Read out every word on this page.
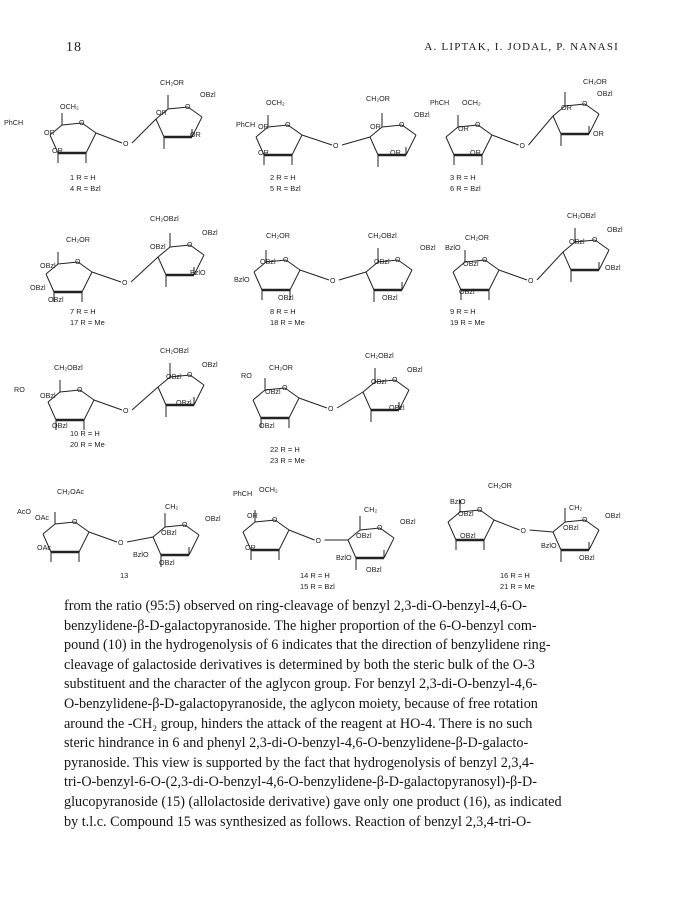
18	A. LIPTAK, I. JODAL, P. NANASI
O
O
O
CH₂OR
OBzl
OCH₂
PhCH
OR
OR
OR
OR
1 R = H
4 R = Bzl
O	O
O
OCH₂
PhCH OR
OR
CH₂OR
OBzl
OR
OR
2 R = H
5 R = Bzl
O
O
O
CH₂OR
OBzl
PhCH OCH₂
OR
OR
OR
OR
3 R = H
6 R = Bzl
O
O
O
CH₂OBzl
OBzl
CH₂OR
OBzl
OBzl
OBzl
BzlO
OBzl
7 R = H
17 R = Me
O	O
O
CH₂OR	CH₂OBzl
OBzl	OBzl
OBzl
BzlO
OBzl	OBzl
8 R = H
18 R = Me
O
O
O
CH₂OBzl
OBzl
CH₂OR
BzlO
OBzl
OBzl
OBzl
OBzl
9 R = H
19 R = Me
O
O
O
CH₂OBzl
OBzl
CH₂OBzl
RO
OBzl
OBzl
OBzl
OBzl
10 R = H
20 R = Me
O
O
O
CH₂OBzl
OBzl
CH₂OR
RO
OBzl
OBzl
OBzl
OBzl
22 R = H
23 R = Me
O	O
O
CH₂OAc
AcO
OAc
CH₂
OBzl
OBzl
OAc
BzlO
OBzl
13
O
O
O
PhCH OCH₂
OR
CH₂
OBzl
OBzl
OR
BzlO
OBzl
14 R = H
15 R = Bzl
O
O
O
CH₂OR
BzlO
OBzl
CH₂
OBzl
OBzl
OBzl
BzlO
OBzl
16 R = H
21 R = Me

from the ratio (95:5) observed on ring-cleavage of benzyl 2,3-di-O-benzyl-4,6-O-

benzylidene-β-D-galactopyranoside. The higher proportion of the 6-O-benzyl com-

pound (10) in the hydrogenolysis of 6 indicates that the direction of benzylidene ring-

cleavage of galactoside derivatives is determined by both the steric bulk of the O-3

substituent and the character of the aglycon group. For benzyl 2,3-di-O-benzyl-4,6-

O-benzylidene-β-D-galactopyranoside, the aglycon moiety, because of free rotation

around the -CH₂ group, hinders the attack of the reagent at HO-4. There is no such

steric hindrance in 6 and phenyl 2,3-di-O-benzyl-4,6-O-benzylidene-β-D-galacto-

pyranoside. This view is supported by the fact that hydrogenolysis of benzyl 2,3,4-

tri-O-benzyl-6-O-(2,3-di-O-benzyl-4,6-O-benzylidene-β-D-galactopyranosyl)-β-D-

glucopyranoside (15) (allolactoside derivative) gave only one product (16), as indicated

by t.l.c. Compound 15 was synthesized as follows. Reaction of benzyl 2,3,4-tri-O-
